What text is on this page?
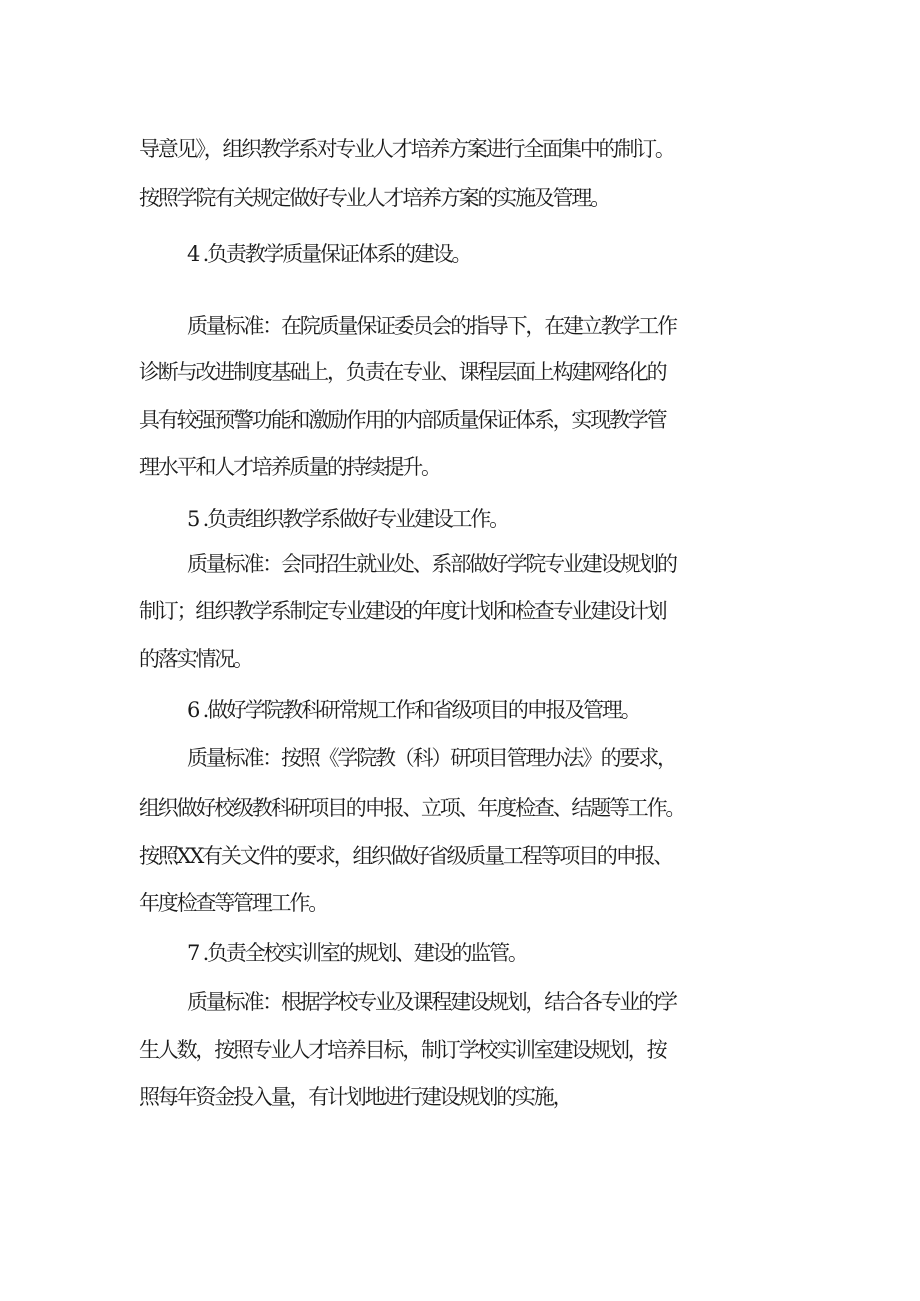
导意见》，组织教学系对专业人才培养方案进行全面集中的制订。
按照学院有关规定做好专业人才培养方案的实施及管理。
4 .负责教学质量保证体系的建设。
质量标准：在院质量保证委员会的指导下，在建立教学工作
诊断与改进制度基础上，负责在专业、课程层面上构建网络化的
具有较强预警功能和激励作用的内部质量保证体系，实现教学管
理水平和人才培养质量的持续提升。
5 .负责组织教学系做好专业建设工作。
质量标准：会同招生就业处、系部做好学院专业建设规划的
制订；组织教学系制定专业建设的年度计划和检查专业建设计划
的落实情况。
6 .做好学院教科研常规工作和省级项目的申报及管理。
质量标准：按照《学院教（科）研项目管理办法》的要求，
组织做好校级教科研项目的申报、立项、年度检查、结题等工作。
按照XX有关文件的要求，组织做好省级质量工程等项目的申报、
年度检查等管理工作。
7 .负责全校实训室的规划、建设的监管。
质量标准：根据学校专业及课程建设规划，结合各专业的学
生人数，按照专业人才培养目标，制订学校实训室建设规划，按
照每年资金投入量，有计划地进行建设规划的实施，
